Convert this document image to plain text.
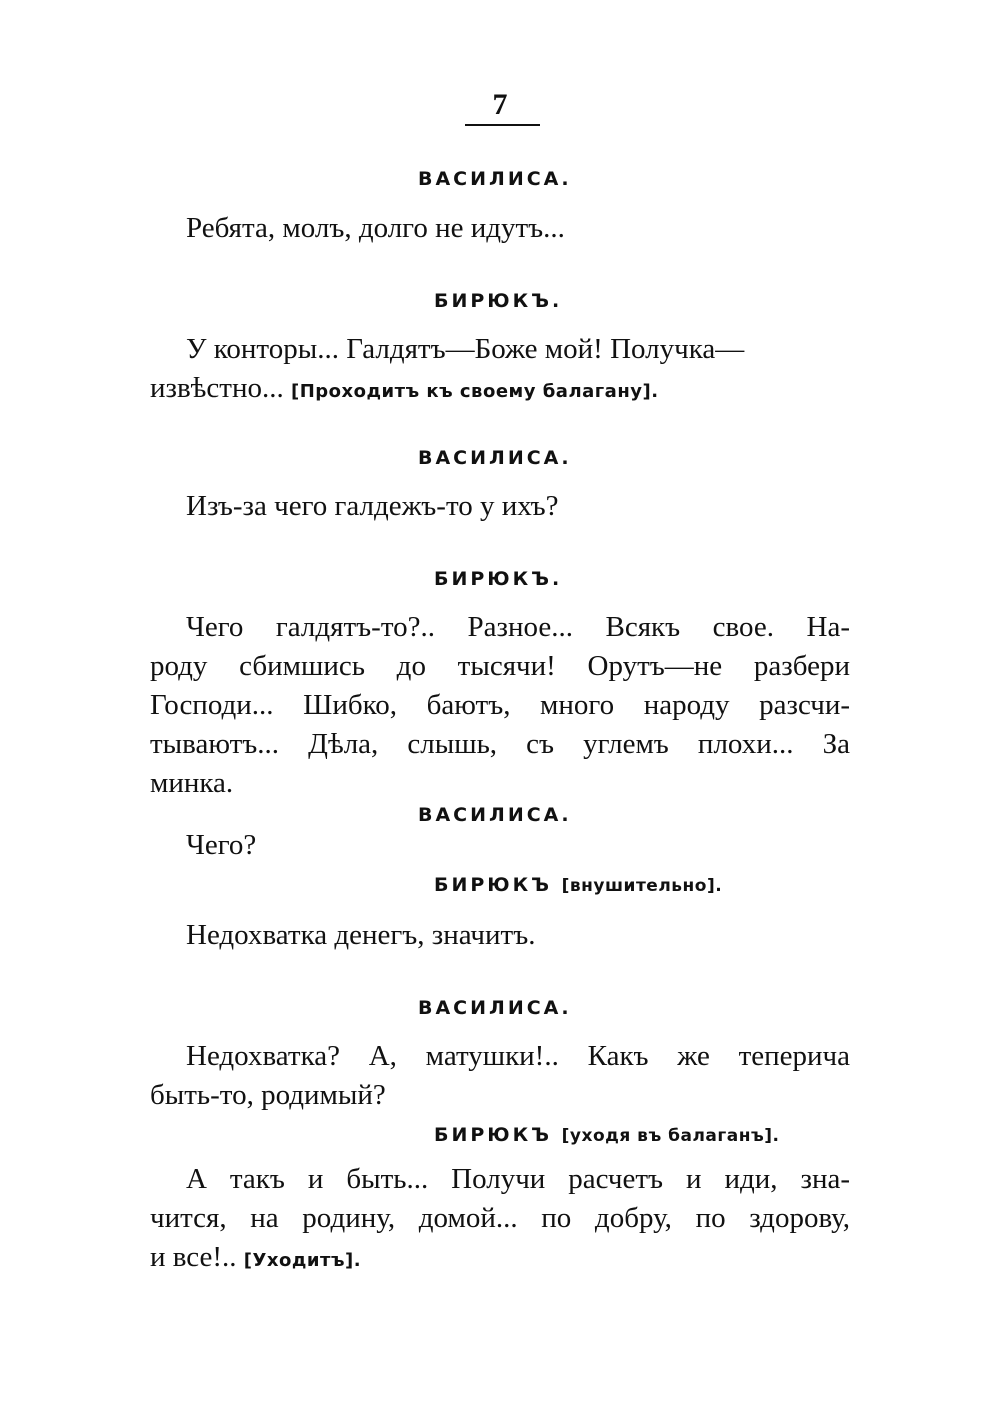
7
ВАСИЛИСА.
Ребята, молъ, долго не идутъ...
БИРЮКЪ.
У конторы... Галдятъ—Боже мой! Получка—
извѣстно... [Проходитъ къ своему балагану].
ВАСИЛИСА.
Изъ-за чего галдежъ-то у ихъ?
БИРЮКЪ.
Чего галдятъ-то?.. Разное... Всякъ свое. На-
роду сбимшись до тысячи! Орутъ—не разбери
Господи... Шибко, баютъ, много народу разсчи-
тываютъ... Дѣла, слышь, съ углемъ плохи... За
минка.
ВАСИЛИСА.
Чего?
БИРЮКЪ [внушительно].
Недохватка денегъ, значитъ.
ВАСИЛИСА.
Недохватка? А, матушки!.. Какъ же теперича
быть-то, родимый?
БИРЮКЪ [уходя въ балаганъ].
А такъ и быть... Получи расчетъ и иди, зна-
чится, на родину, домой... по добру, по здорову,
и все!.. [Уходитъ].
